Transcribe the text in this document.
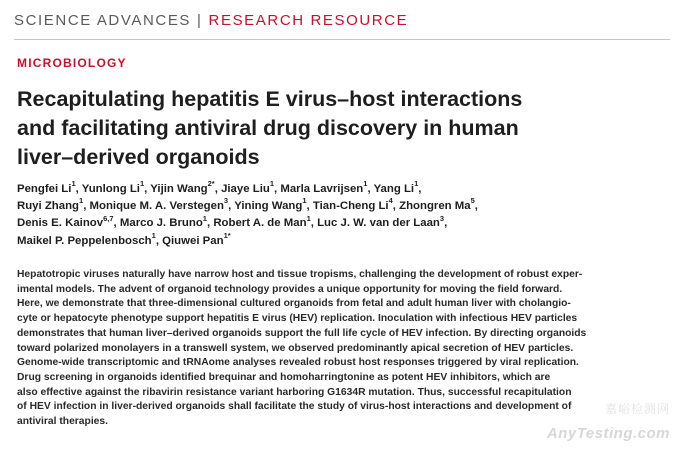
SCIENCE ADVANCES | RESEARCH RESOURCE
MICROBIOLOGY
Recapitulating hepatitis E virus–host interactions
and facilitating antiviral drug discovery in human
liver–derived organoids
Pengfei Li$^1$, Yunlong Li$^1$, Yijin Wang$^{2*}$, Jiaye Liu$^1$, Marla Lavrijsen$^1$, Yang Li$^1$,
Ruyi Zhang$^1$, Monique M. A. Verstegen$^3$, Yining Wang$^1$, Tian-Cheng Li$^4$, Zhongren Ma$^5$,
Denis E. Kainov$^{6,7}$, Marco J. Bruno$^1$, Robert A. de Man$^1$, Luc J. W. van der Laan$^3$,
Maikel P. Peppelenbosch$^1$, Qiuwei Pan$^{1*}$

Hepatotropic viruses naturally have narrow host and tissue tropisms, challenging the development of robust exper-
imental models. The advent of organoid technology provides a unique opportunity for moving the field forward.
Here, we demonstrate that three-dimensional cultured organoids from fetal and adult human liver with cholangio-
cyte or hepatocyte phenotype support hepatitis E virus (HEV) replication. Inoculation with infectious HEV particles
demonstrates that human liver–derived organoids support the full life cycle of HEV infection. By directing organoids
toward polarized monolayers in a transwell system, we observed predominantly apical secretion of HEV particles.
Genome-wide transcriptomic and tRNAome analyses revealed robust host responses triggered by viral replication.
Drug screening in organoids identified brequinar and homoharringtonine as potent HEV inhibitors, which are
also effective against the ribavirin resistance variant harboring G1634R mutation. Thus, successful recapitulation
of HEV infection in liver-derived organoids shall facilitate the study of virus-host interactions and development of
antiviral therapies.

嘉峪检测网
AnyTesting.com
